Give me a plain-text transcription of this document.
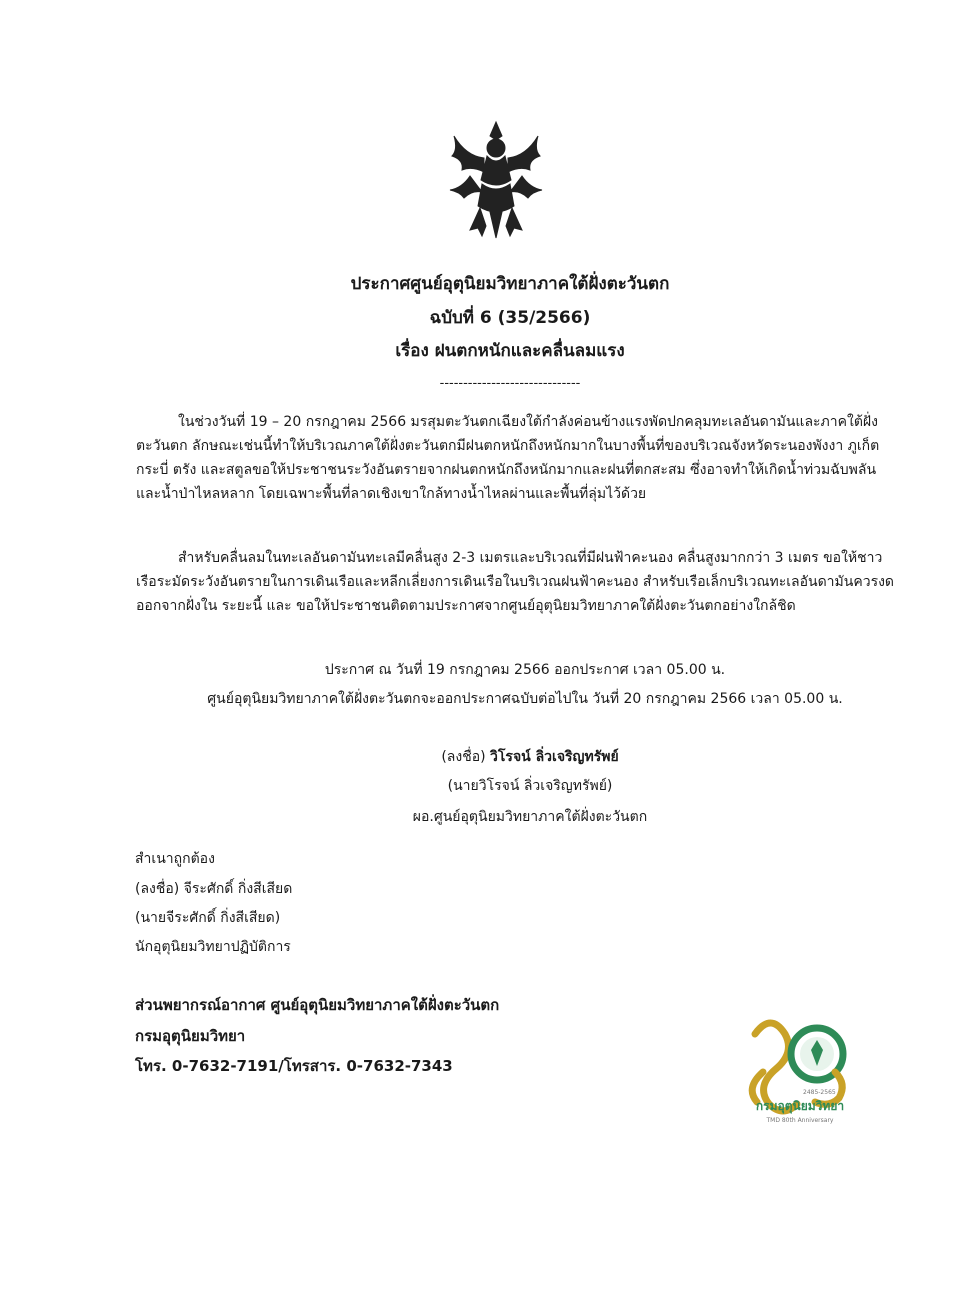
ประกาศศูนย์อุตุนิยมวิทยาภาคใต้ฝั่งตะวันตก
ฉบับที่ 6 (35/2566)
เรื่อง ฝนตกหนักและคลื่นลมแรง
------------------------------
ในช่วงวันที่ 19 – 20 กรกฎาคม 2566 มรสุมตะวันตกเฉียงใต้กำลังค่อนข้างแรงพัดปกคลุมทะเลอันดามันและภาคใต้ฝั่งตะวันตก ลักษณะเช่นนี้ทำให้บริเวณภาคใต้ฝั่งตะวันตกมีฝนตกหนักถึงหนักมากในบางพื้นที่ของบริเวณจังหวัดระนองพังงา ภูเก็ต กระบี่ ตรัง และสตูลขอให้ประชาชนระวังอันตรายจากฝนตกหนักถึงหนักมากและฝนที่ตกสะสม ซึ่งอาจทำให้เกิดน้ำท่วมฉับพลันและน้ำป่าไหลหลาก โดยเฉพาะพื้นที่ลาดเชิงเขาใกล้ทางน้ำไหลผ่านและพื้นที่ลุ่มไว้ด้วย
สำหรับคลื่นลมในทะเลอันดามันทะเลมีคลื่นสูง 2-3 เมตรและบริเวณที่มีฝนฟ้าคะนอง คลื่นสูงมากกว่า 3 เมตร ขอให้ชาวเรือระมัดระวังอันตรายในการเดินเรือและหลีกเลี่ยงการเดินเรือในบริเวณฝนฟ้าคะนอง สำหรับเรือเล็กบริเวณทะเลอันดามันควรงดออกจากฝั่งใน ระยะนี้ และ ขอให้ประชาชนติดตามประกาศจากศูนย์อุตุนิยมวิทยาภาคใต้ฝั่งตะวันตกอย่างใกล้ชิด
ประกาศ ณ วันที่ 19 กรกฎาคม 2566 ออกประกาศ เวลา 05.00 น.
ศูนย์อุตุนิยมวิทยาภาคใต้ฝั่งตะวันตกจะออกประกาศฉบับต่อไปใน วันที่ 20 กรกฎาคม 2566 เวลา 05.00 น.
(ลงชื่อ) วิโรจน์ ลิ่วเจริญทรัพย์
(นายวิโรจน์ ลิ่วเจริญทรัพย์)
ผอ.ศูนย์อุตุนิยมวิทยาภาคใต้ฝั่งตะวันตก
สำเนาถูกต้อง
(ลงชื่อ) จีระศักดิ์ กิ่งสีเสียด
(นายจีระศักดิ์ กิ่งสีเสียด)
นักอุตุนิยมวิทยาปฏิบัติการ
ส่วนพยากรณ์อากาศ ศูนย์อุตุนิยมวิทยาภาคใต้ฝั่งตะวันตก
กรมอุตุนิยมวิทยา
โทร. 0-7632-7191/โทรสาร. 0-7632-7343
2485-2565
กรมอุตุนิยมวิทยา
TMD 80th Anniversary
